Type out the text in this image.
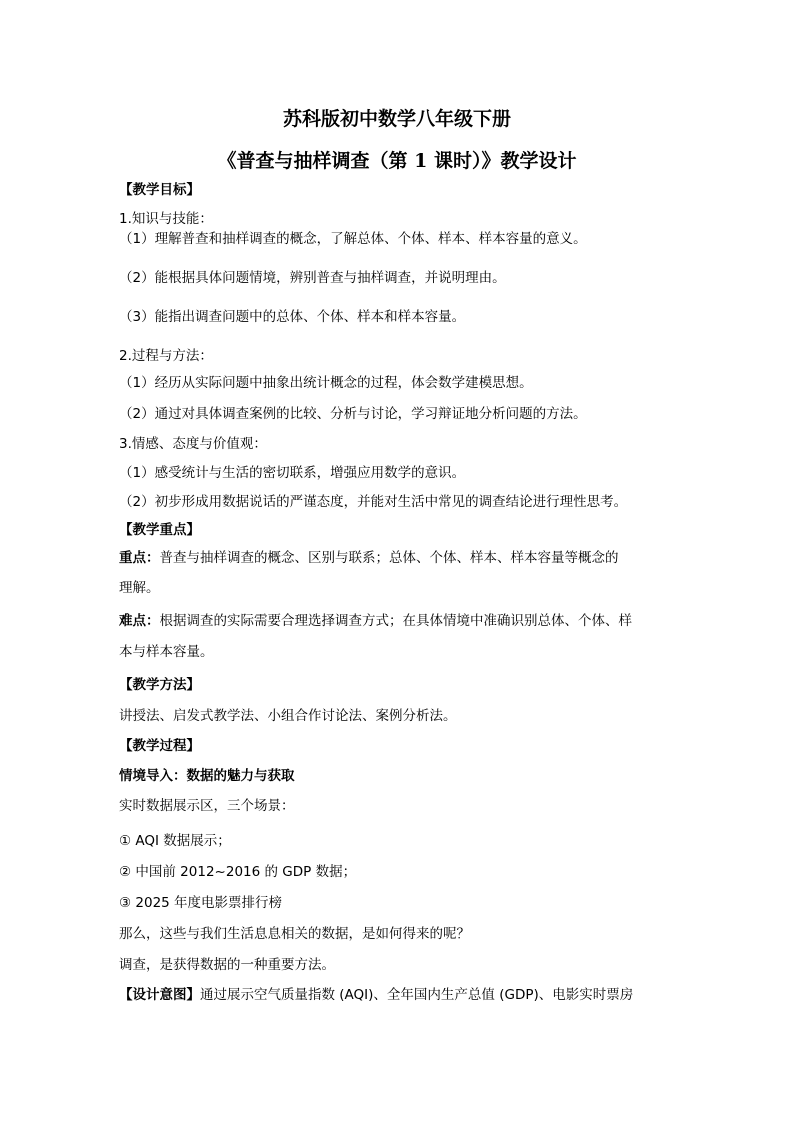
苏科版初中数学八年级下册
《普查与抽样调查（第 1 课时）》教学设计
【教学目标】
1.知识与技能：
（1）理解普查和抽样调查的概念，了解总体、个体、样本、样本容量的意义。
（2）能根据具体问题情境，辨别普查与抽样调查，并说明理由。
（3）能指出调查问题中的总体、个体、样本和样本容量。
2.过程与方法：
（1）经历从实际问题中抽象出统计概念的过程，体会数学建模思想。
（2）通过对具体调查案例的比较、分析与讨论，学习辩证地分析问题的方法。
3.情感、态度与价值观：
（1）感受统计与生活的密切联系，增强应用数学的意识。
（2）初步形成用数据说话的严谨态度，并能对生活中常见的调查结论进行理性思考。
【教学重点】
重点：普查与抽样调查的概念、区别与联系；总体、个体、样本、样本容量等概念的
理解。
难点：根据调查的实际需要合理选择调查方式；在具体情境中准确识别总体、个体、样
本与样本容量。
【教学方法】
讲授法、启发式教学法、小组合作讨论法、案例分析法。
【教学过程】
情境导入：数据的魅力与获取
实时数据展示区，三个场景：
① AQI 数据展示；
② 中国前 2012~2016 的 GDP 数据；
③ 2025 年度电影票排行榜
那么，这些与我们生活息息相关的数据，是如何得来的呢？
调查，是获得数据的一种重要方法。
【设计意图】通过展示空气质量指数 (AQI)、全年国内生产总值 (GDP)、电影实时票房
